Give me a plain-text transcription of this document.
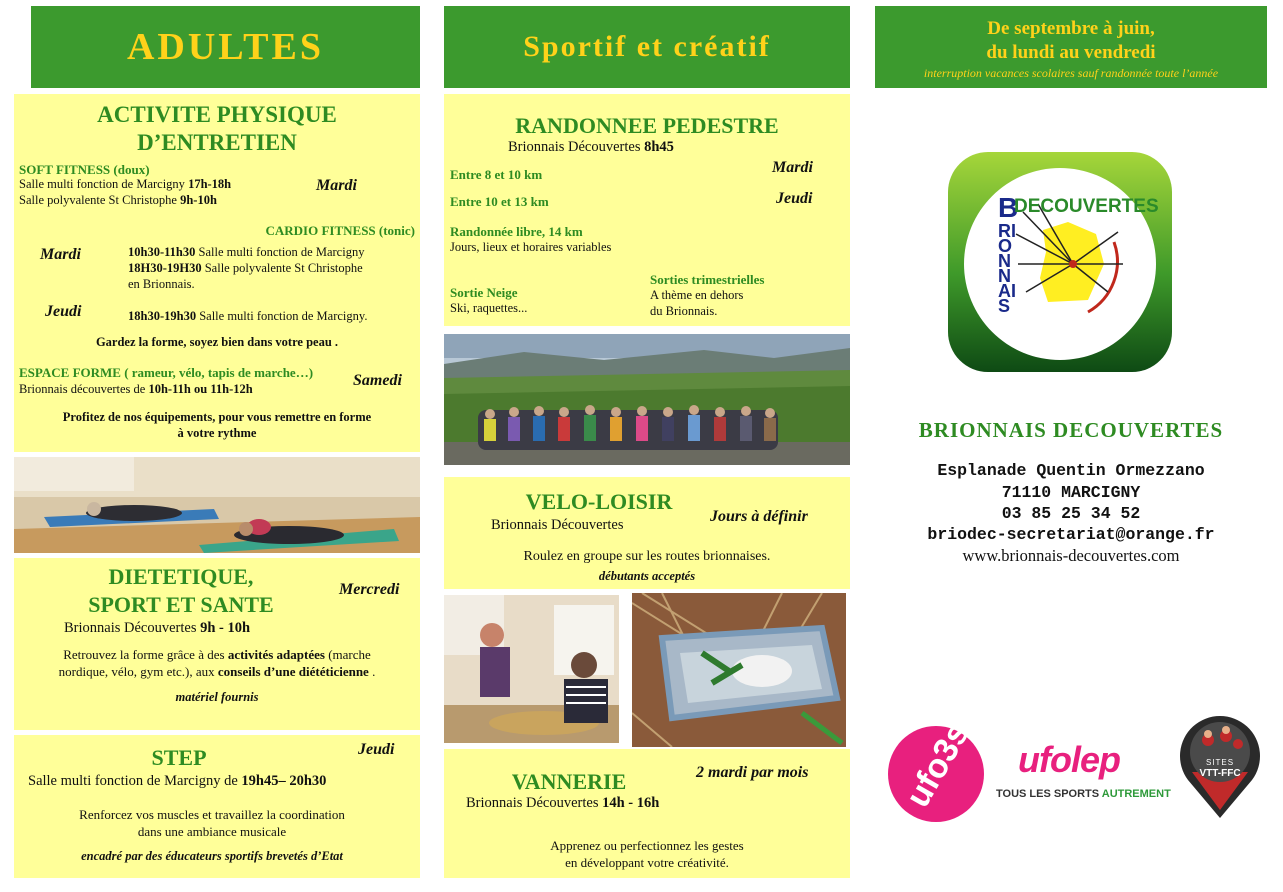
ADULTES
ACTIVITE PHYSIQUE
D’ENTRETIEN
SOFT FITNESS (doux)
Salle multi fonction de Marcigny 17h-18h
Salle polyvalente St Christophe 9h-10h
Mardi
CARDIO FITNESS (tonic)
Mardi	10h30-11h30 Salle multi fonction de Marcigny
18H30-19H30 Salle polyvalente St Christophe
en Brionnais.
Jeudi	18h30-19h30 Salle multi fonction de Marcigny.
Gardez la forme, soyez bien dans votre peau .
ESPACE FORME ( rameur, vélo, tapis de marche…)
Brionnais découvertes de 10h-11h ou 11h-12h	Samedi
Profitez de nos équipements, pour vous remettre en forme
à votre rythme
DIETETIQUE,
SPORT ET SANTE
Mercredi
Brionnais Découvertes 9h - 10h
Retrouvez la forme grâce à des activités adaptées (marche
nordique, vélo, gym etc.), aux conseils d’une diététicienne .
matériel fournis
STEP	Jeudi
Salle multi fonction de Marcigny de 19h45– 20h30
Renforcez vos muscles et travaillez la coordination
dans une ambiance musicale
encadré par des éducateurs sportifs brevetés d’Etat
Sportif et créatif
RANDONNEE PEDESTRE
Brionnais Découvertes 8h45
Entre 8 et 10 km	Mardi
Entre 10 et 13 km	Jeudi
Randonnée libre, 14 km
Jours, lieux et horaires variables
Sorties trimestrielles
A thème en dehors
du Brionnais.
Sortie Neige
Ski, raquettes...
VELO-LOISIR
Brionnais Découvertes	Jours à définir
Roulez en groupe sur les routes brionnaises.
débutants acceptés
VANNERIE	2 mardi par mois
Brionnais Découvertes 14h - 16h
Apprenez ou perfectionnez les gestes
en développant votre créativité.
De septembre à juin,
du lundi au vendredi
interruption vacances scolaires sauf randonnée toute l’année
B
DECOUVERTES
RIONNAIS
BRIONNAIS DECOUVERTES
Esplanade Quentin Ormezzano
71110 MARCIGNY
03 85 25 34 52
briodec-secretariat@orange.fr
www.brionnais-decouvertes.com
ufo3s ufolep
TOUS LES SPORTS AUTREMENT
SITES
VTT-FFC
